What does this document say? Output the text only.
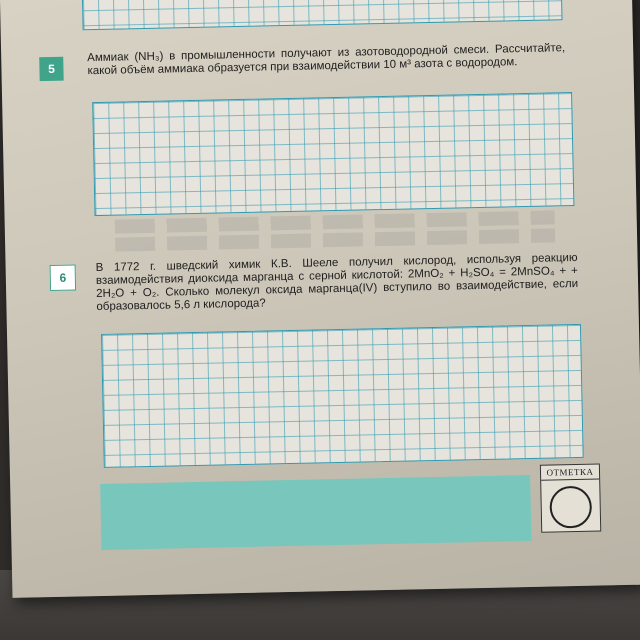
5

Аммиак (NH₃) в промышленности получают из азотоводородной смеси. Рассчитайте, какой объём аммиака образуется при взаимодействии 10 м³ азота с водородом.

6

В 1772 г. шведский химик К.В. Шееле получил кислород, используя реакцию взаимодействия диоксида марганца с серной кислотой: 2MnO₂ + H₂SO₄ = 2MnSO₄ + + 2H₂O + O₂. Сколько молекул оксида марганца(IV) вступило во взаимодействие, если образовалось 5,6 л кислорода?

ОТМЕТКА
